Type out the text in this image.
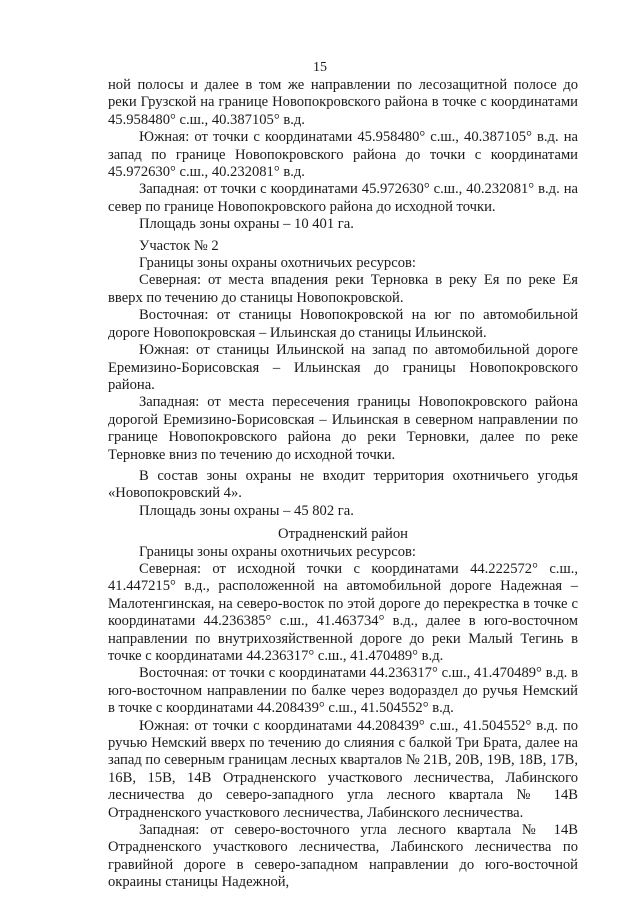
15

ной полосы и далее в том же направлении по лесозащитной полосе до реки Грузской на границе Новопокровского района в точке с координатами 45.958480° с.ш., 40.387105° в.д.

Южная: от точки с координатами 45.958480° с.ш., 40.387105° в.д. на запад по границе Новопокровского района до точки с координатами 45.972630° с.ш., 40.232081° в.д.

Западная: от точки с координатами 45.972630° с.ш., 40.232081° в.д. на север по границе Новопокровского района до исходной точки.

Площадь зоны охраны – 10 401 га.

Участок № 2

Границы зоны охраны охотничьих ресурсов:

Северная: от места впадения реки Терновка в реку Ея по реке Ея вверх по течению до станицы Новопокровской.

Восточная: от станицы Новопокровской на юг по автомобильной дороге Новопокровская – Ильинская до станицы Ильинской.

Южная: от станицы Ильинской на запад по автомобильной дороге Еремизино-Борисовская – Ильинская до границы Новопокровского района.

Западная: от места пересечения границы Новопокровского района дорогой Еремизино-Борисовская – Ильинская в северном направлении по границе Новопокровского района до реки Терновки, далее по реке Терновке вниз по течению до исходной точки.

В состав зоны охраны не входит территория охотничьего угодья «Новопокровский 4».

Площадь зоны охраны – 45 802 га.

Отрадненский район

Границы зоны охраны охотничьих ресурсов:

Северная: от исходной точки с координатами 44.222572° с.ш., 41.447215° в.д., расположенной на автомобильной дороге Надежная – Малотенгинская, на северо-восток по этой дороге до перекрестка в точке с координатами 44.236385° с.ш., 41.463734° в.д., далее в юго-восточном направлении по внутрихозяйственной дороге до реки Малый Тегинь в точке с координатами 44.236317° с.ш., 41.470489° в.д.

Восточная: от точки с координатами 44.236317° с.ш., 41.470489° в.д. в юго-восточном направлении по балке через водораздел до ручья Немский в точке с координатами 44.208439° с.ш., 41.504552° в.д.

Южная: от точки с координатами 44.208439° с.ш., 41.504552° в.д. по ручью Немский вверх по течению до слияния с балкой Три Брата, далее на запад по северным границам лесных кварталов № 21В, 20В, 19В, 18В, 17В, 16В, 15В, 14В Отрадненского участкового лесничества, Лабинского лесничества до северо-западного угла лесного квартала № 14В Отрадненского участкового лесничества, Лабинского лесничества.

Западная: от северо-восточного угла лесного квартала № 14В Отрадненского участкового лесничества, Лабинского лесничества по гравийной дороге в северо-западном направлении до юго-восточной окраины станицы Надежной,
